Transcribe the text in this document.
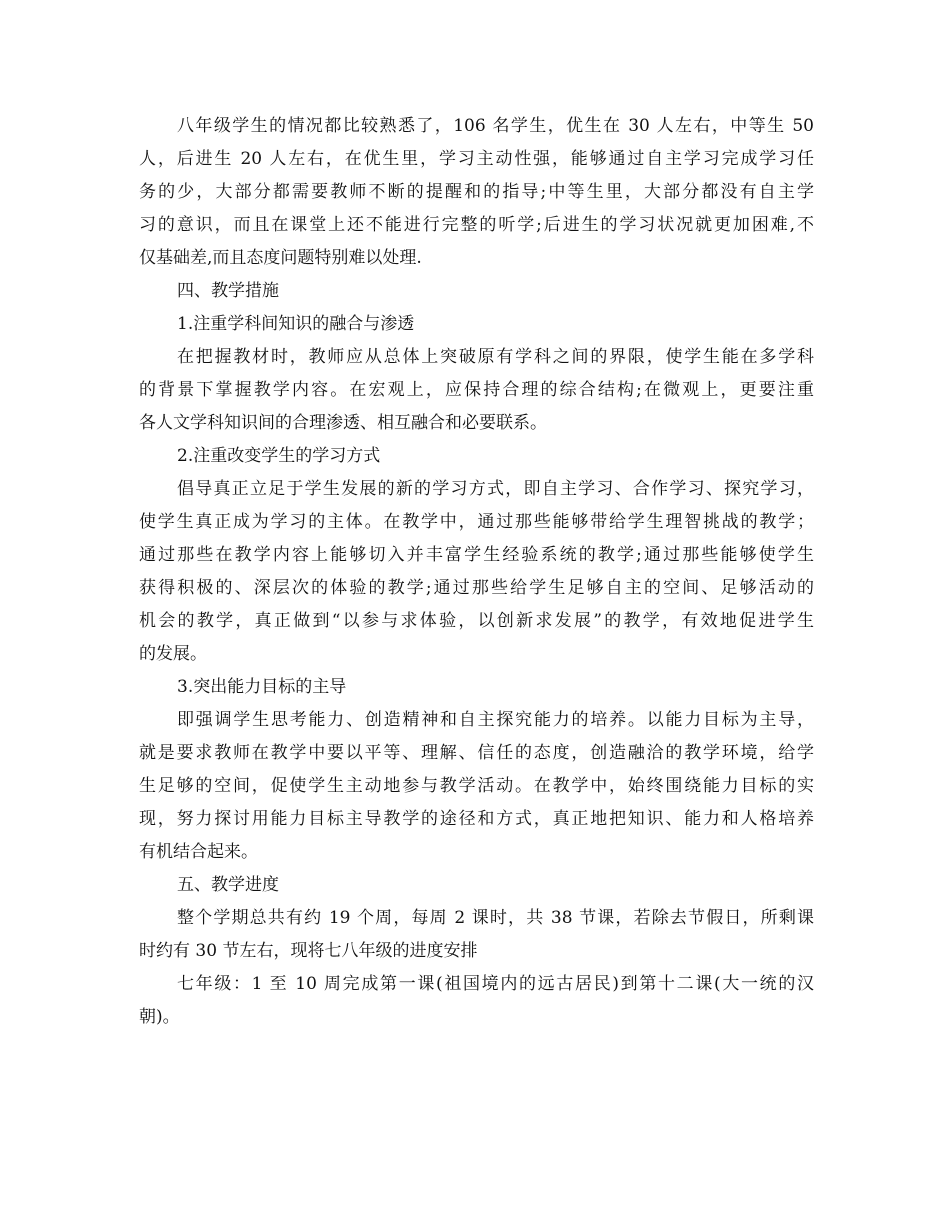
八年级学生的情况都比较熟悉了，106 名学生，优生在 30 人左右，中等生 50
人，后进生 20 人左右，在优生里，学习主动性强，能够通过自主学习完成学习任
务的少，大部分都需要教师不断的提醒和的指导;中等生里，大部分都没有自主学
习的意识，而且在课堂上还不能进行完整的听学;后进生的学习状况就更加困难,不
仅基础差,而且态度问题特别难以处理.
四、教学措施
1.注重学科间知识的融合与渗透
在把握教材时，教师应从总体上突破原有学科之间的界限，使学生能在多学科
的背景下掌握教学内容。在宏观上，应保持合理的综合结构;在微观上，更要注重
各人文学科知识间的合理渗透、相互融合和必要联系。
2.注重改变学生的学习方式
倡导真正立足于学生发展的新的学习方式，即自主学习、合作学习、探究学习，
使学生真正成为学习的主体。在教学中，通过那些能够带给学生理智挑战的教学；
通过那些在教学内容上能够切入并丰富学生经验系统的教学;通过那些能够使学生
获得积极的、深层次的体验的教学;通过那些给学生足够自主的空间、足够活动的
机会的教学，真正做到“以参与求体验，以创新求发展”的教学，有效地促进学生
的发展。
3.突出能力目标的主导
即强调学生思考能力、创造精神和自主探究能力的培养。以能力目标为主导，
就是要求教师在教学中要以平等、理解、信任的态度，创造融洽的教学环境，给学
生足够的空间，促使学生主动地参与教学活动。在教学中，始终围绕能力目标的实
现，努力探讨用能力目标主导教学的途径和方式，真正地把知识、能力和人格培养
有机结合起来。
五、教学进度
整个学期总共有约 19 个周，每周 2 课时，共 38 节课，若除去节假日，所剩课
时约有 30 节左右，现将七八年级的进度安排
七年级：1 至 10 周完成第一课(祖国境内的远古居民)到第十二课(大一统的汉
朝)。
